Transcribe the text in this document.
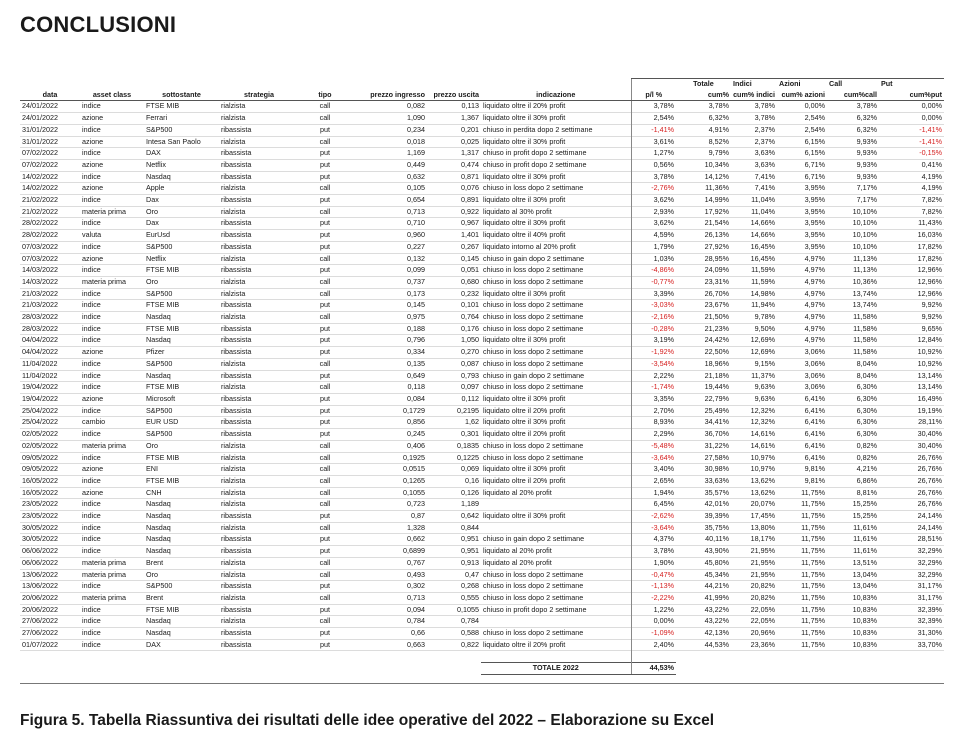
CONCLUSIONI
									Totale	Indici	Azioni	Call	Put
data	asset class	sottostante	strategia	tipo	prezzo ingresso	prezzo uscita	indicazione	p/l %	cum%	cum% indici	cum% azioni	cum%call	cum%put
24/01/2022	indice	FTSE MIB	rialzista	call	0,082	0,113	liquidato oltre il 20% profit	3,78%	3,78%	3,78%	0,00%	3,78%	0,00%
24/01/2022	azione	Ferrari	rialzista	call	1,090	1,367	liquidato oltre il 30% profit	2,54%	6,32%	3,78%	2,54%	6,32%	0,00%
31/01/2022	indice	S&P500	ribassista	put	0,234	0,201	chiuso in perdita dopo 2 settimane	-1,41%	4,91%	2,37%	2,54%	6,32%	-1,41%
31/01/2022	azione	Intesa San Paolo	rialzista	call	0,018	0,025	liquidato oltre il 30% profit	3,61%	8,52%	2,37%	6,15%	9,93%	-1,41%
07/02/2022	indice	DAX	ribassista	put	1,169	1,317	chiuso in profit dopo 2 settimane	1,27%	9,79%	3,63%	6,15%	9,93%	-0,15%
07/02/2022	azione	Netflix	ribassista	put	0,449	0,474	chiuso in profit dopo 2 settimane	0,56%	10,34%	3,63%	6,71%	9,93%	0,41%
14/02/2022	indice	Nasdaq	ribassista	put	0,632	0,871	liquidato oltre il 30% profit	3,78%	14,12%	7,41%	6,71%	9,93%	4,19%
14/02/2022	azione	Apple	rialzista	call	0,105	0,076	chiuso in loss dopo 2 settimane	-2,76%	11,36%	7,41%	3,95%	7,17%	4,19%
21/02/2022	indice	Dax	ribassista	put	0,654	0,891	liquidato oltre il 30% profit	3,62%	14,99%	11,04%	3,95%	7,17%	7,82%
21/02/2022	materia prima	Oro	rialzista	call	0,713	0,922	liquidato al 30% profit	2,93%	17,92%	11,04%	3,95%	10,10%	7,82%
28/02/2022	indice	Dax	ribassista	put	0,710	0,967	liquidato oltre il 30% profit	3,62%	21,54%	14,66%	3,95%	10,10%	11,43%
28/02/2022	valuta	EurUsd	ribassista	put	0,960	1,401	liquidato oltre il 40% profit	4,59%	26,13%	14,66%	3,95%	10,10%	16,03%
07/03/2022	indice	S&P500	ribassista	put	0,227	0,267	liquidato intorno al 20% profit	1,79%	27,92%	16,45%	3,95%	10,10%	17,82%
07/03/2022	azione	Netflix	rialzista	call	0,132	0,145	chiuso in gain dopo 2 settimane	1,03%	28,95%	16,45%	4,97%	11,13%	17,82%
14/03/2022	indice	FTSE MIB	ribassista	put	0,099	0,051	chiuso in loss dopo 2 settimane	-4,86%	24,09%	11,59%	4,97%	11,13%	12,96%
14/03/2022	materia prima	Oro	rialzista	call	0,737	0,680	chiuso in loss dopo 2 settimane	-0,77%	23,31%	11,59%	4,97%	10,36%	12,96%
21/03/2022	indice	S&P500	rialzista	call	0,173	0,232	liquidato oltre il 30% profit	3,39%	26,70%	14,98%	4,97%	13,74%	12,96%
21/03/2022	indice	FTSE MIB	ribassista	put	0,145	0,101	chiuso in loss dopo 2 settimane	-3,03%	23,67%	11,94%	4,97%	13,74%	9,92%
28/03/2022	indice	Nasdaq	rialzista	call	0,975	0,764	chiuso in loss dopo 2 settimane	-2,16%	21,50%	9,78%	4,97%	11,58%	9,92%
28/03/2022	indice	FTSE MIB	ribassista	put	0,188	0,176	chiuso in loss dopo 2 settimane	-0,28%	21,23%	9,50%	4,97%	11,58%	9,65%
04/04/2022	indice	Nasdaq	ribassista	put	0,796	1,050	liquidato oltre il 30% profit	3,19%	24,42%	12,69%	4,97%	11,58%	12,84%
04/04/2022	azione	Pfizer	ribassista	put	0,334	0,270	chiuso in loss dopo 2 settimane	-1,92%	22,50%	12,69%	3,06%	11,58%	10,92%
11/04/2022	indice	S&P500	rialzista	call	0,135	0,087	chiuso in loss dopo 2 settimane	-3,54%	18,96%	9,15%	3,06%	8,04%	10,92%
11/04/2022	indice	Nasdaq	ribassista	put	0,649	0,793	chiuso in gain dopo 2 settimane	2,22%	21,18%	11,37%	3,06%	8,04%	13,14%
19/04/2022	indice	FTSE MIB	rialzista	call	0,118	0,097	chiuso in loss dopo 2 settimane	-1,74%	19,44%	9,63%	3,06%	6,30%	13,14%
19/04/2022	azione	Microsoft	ribassista	put	0,084	0,112	liquidato oltre il 30% profit	3,35%	22,79%	9,63%	6,41%	6,30%	16,49%
25/04/2022	indice	S&P500	ribassista	put	0,1729	0,2195	liquidato oltre il 20% profit	2,70%	25,49%	12,32%	6,41%	6,30%	19,19%
25/04/2022	cambio	EUR USD	ribassista	put	0,856	1,62	liquidato oltre il 30% profit	8,93%	34,41%	12,32%	6,41%	6,30%	28,11%
02/05/2022	indice	S&P500	ribassista	put	0,245	0,301	liquidato oltre il 20% profit	2,29%	36,70%	14,61%	6,41%	6,30%	30,40%
02/05/2022	materia prima	Oro	rialzista	call	0,406	0,1835	chiuso in loss dopo 2 settimane	-5,48%	31,22%	14,61%	6,41%	0,82%	30,40%
09/05/2022	indice	FTSE MIB	rialzista	call	0,1925	0,1225	chiuso in loss dopo 2 settimane	-3,64%	27,58%	10,97%	6,41%	0,82%	26,76%
09/05/2022	azione	ENI	rialzista	call	0,0515	0,069	liquidato oltre il 30% profit	3,40%	30,98%	10,97%	9,81%	4,21%	26,76%
16/05/2022	indice	FTSE MIB	rialzista	call	0,1265	0,16	liquidato oltre il 20% profit	2,65%	33,63%	13,62%	9,81%	6,86%	26,76%
16/05/2022	azione	CNH	rialzista	call	0,1055	0,126	liquidato al 20% profit	1,94%	35,57%	13,62%	11,75%	8,81%	26,76%
23/05/2022	indice	Nasdaq	rialzista	call	0,723	1,189		6,45%	42,01%	20,07%	11,75%	15,25%	26,76%
23/05/2022	indice	Nasdaq	ribassista	put	0,87	0,642	liquidato oltre il 30% profit	-2,62%	39,39%	17,45%	11,75%	15,25%	24,14%
30/05/2022	indice	Nasdaq	rialzista	call	1,328	0,844		-3,64%	35,75%	13,80%	11,75%	11,61%	24,14%
30/05/2022	indice	Nasdaq	ribassista	put	0,662	0,951	chiuso in gain dopo 2 settimane	4,37%	40,11%	18,17%	11,75%	11,61%	28,51%
06/06/2022	indice	Nasdaq	ribassista	put	0,6899	0,951	liquidato al 20% profit	3,78%	43,90%	21,95%	11,75%	11,61%	32,29%
06/06/2022	materia prima	Brent	rialzista	call	0,767	0,913	liquidato al 20% profit	1,90%	45,80%	21,95%	11,75%	13,51%	32,29%
13/06/2022	materia prima	Oro	rialzista	call	0,493	0,47	chiuso in loss dopo 2 settimane	-0,47%	45,34%	21,95%	11,75%	13,04%	32,29%
13/06/2022	indice	S&P500	ribassista	put	0,302	0,268	chiuso in loss dopo 2 settimane	-1,13%	44,21%	20,82%	11,75%	13,04%	31,17%
20/06/2022	materia prima	Brent	rialzista	call	0,713	0,555	chiuso in loss dopo 2 settimane	-2,22%	41,99%	20,82%	11,75%	10,83%	31,17%
20/06/2022	indice	FTSE MIB	ribassista	put	0,094	0,1055	chiuso in profit dopo 2 settimane	1,22%	43,22%	22,05%	11,75%	10,83%	32,39%
27/06/2022	indice	Nasdaq	rialzista	call	0,784	0,784		0,00%	43,22%	22,05%	11,75%	10,83%	32,39%
27/06/2022	indice	Nasdaq	ribassista	put	0,66	0,588	chiuso in loss dopo 2 settimane	-1,09%	42,13%	20,96%	11,75%	10,83%	31,30%
01/07/2022	indice	DAX	ribassista	put	0,663	0,822	liquidato oltre il 20% profit	2,40%	44,53%	23,36%	11,75%	10,83%	33,70%

							TOTALE 2022	44,53%					
Figura 5. Tabella Riassuntiva dei risultati delle idee operative del 2022 – Elaborazione su Excel
